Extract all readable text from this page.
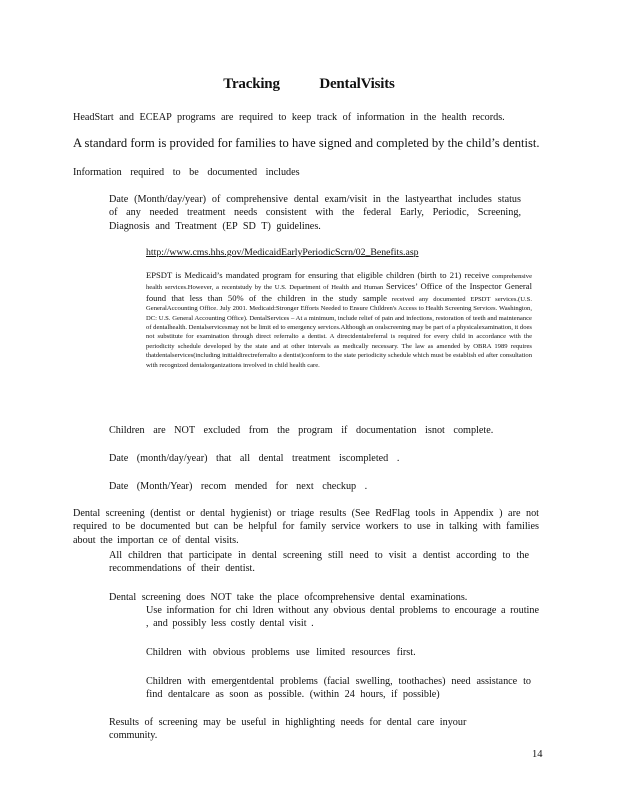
Tracking	DentalVisits

HeadStart and ECEAP programs are required to keep track of information in the health records.

A standard form is provided for families to have signed and completed by the child’s dentist.

Information required to be documented includes

Date (Month/day/year) of comprehensive dental exam/visit in the lastyearthat includes status of any needed treatment needs consistent with the federal Early, Periodic, Screening, Diagnosis and Treatment (EP SD T) guidelines.

http://www.cms.hhs.gov/MedicaidEarlyPeriodicScrn/02_Benefits.asp

EPSDT is Medicaid’s mandated program for ensuring that eligible children (birth to 21) receive comprehensive health services.However, a recentstudy by the U.S. Department of Health and Human Services’ Office of the Inspector General found that less than 50% of the children in the study sample received any documented EPSDT services.(U.S. GeneralAccounting Office. July 2001. Medicaid:Stronger Efforts Needed to Ensure Children's Access to Health Screening Services. Washington, DC: U.S. General Accounting Office). DentalServices – At a minimum, include relief of pain and infections, restoration of teeth and maintenance of dentalhealth. Dentalservicesmay not be limit ed to emergency services.Although an oralscreening may be part of a physicalexamination, it does not substitute for examination through direct referralto a dentist. A directdentalreferral is required for every child in accordance with the periodicity schedule developed by the state and at other intervals as medically necessary. The law as amended by OBRA 1989 requires thatdentalservices(including initialdirectreferralto a dentist)conform to the state periodicity schedule which must be establish ed after consultation with recognized dentalorganizations involved in child health care.

Children are NOT excluded from the program if documentation isnot complete.

Date (month/day/year) that all dental treatment iscompleted .

Date (Month/Year) recom mended for next checkup .

Dental screening (dentist or dental hygienist) or triage results (See RedFlag tools in Appendix ) are not required to be documented but can be helpful for family service workers to use in talking with families about the importan ce of dental visits.

All children that participate in dental screening still need to visit a dentist according to the recommendations of their dentist.

Dental screening does NOT take the place ofcomprehensive dental examinations.

Use information for chi ldren without any obvious dental problems to encourage a routine , and possibly less costly dental visit .

Children with obvious problems use limited resources first.

Children with emergentdental problems (facial swelling, toothaches) need assistance to find dentalcare as soon as possible. (within 24 hours, if possible)

Results of screening may be useful in highlighting needs for dental care inyour community.

14
